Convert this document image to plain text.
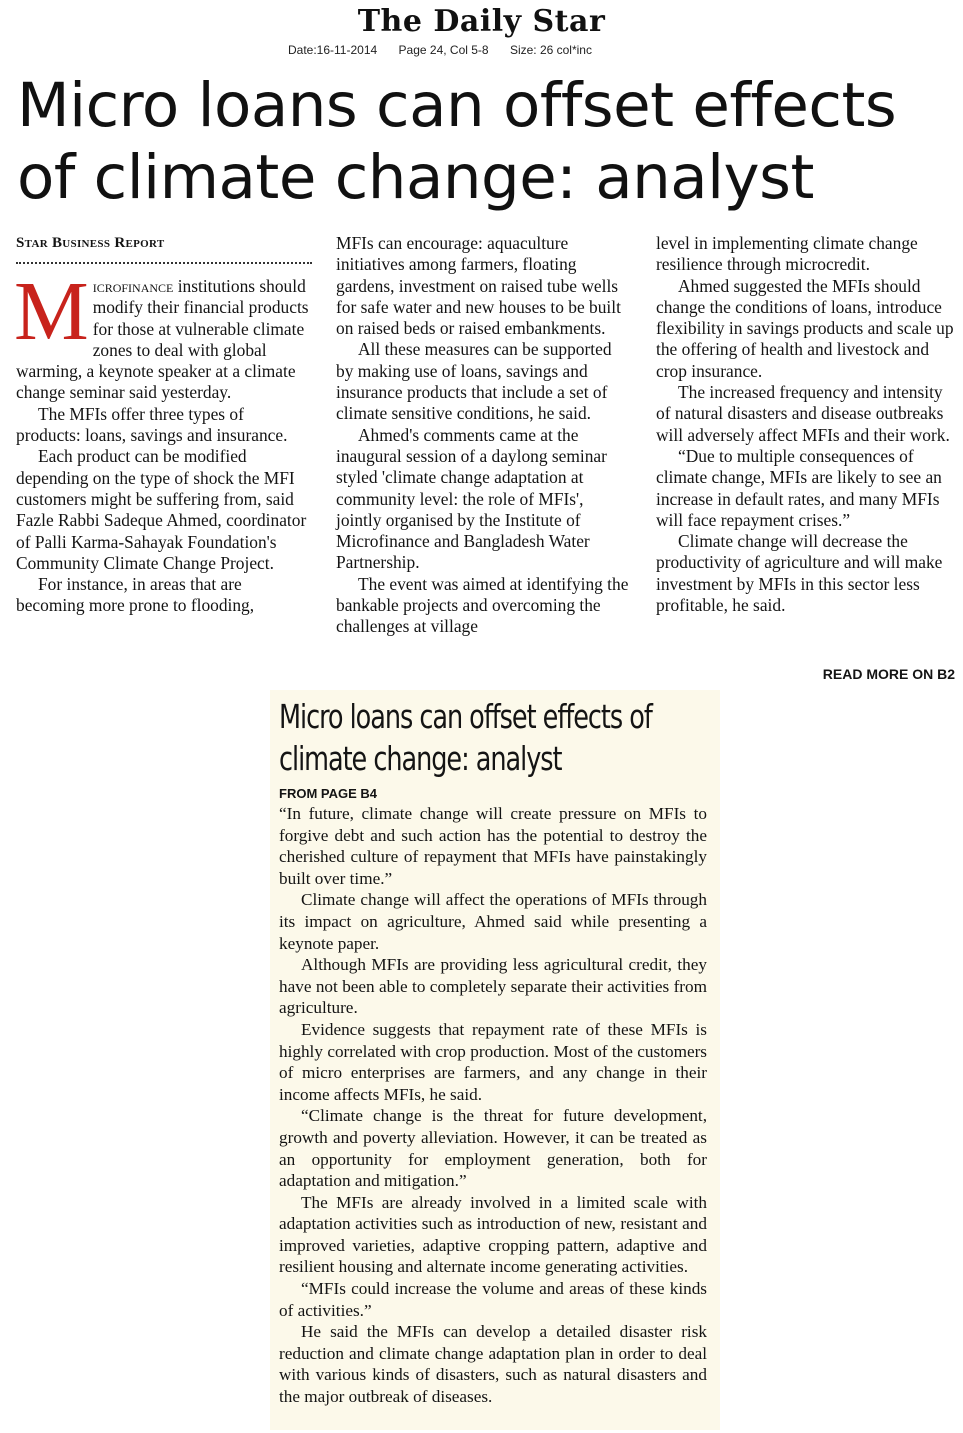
The Daily Star
Date:16-11-2014 Page 24, Col 5-8 Size: 26 col*inc
Micro loans can offset effects of climate change: analyst
Star Business Report

Microfinance institutions should modify their financial products for those at vulnerable climate zones to deal with global warming, a keynote speaker at a climate change seminar said yesterday.

The MFIs offer three types of products: loans, savings and insurance.

Each product can be modified depending on the type of shock the MFI customers might be suffering from, said Fazle Rabbi Sadeque Ahmed, coordinator of Palli Karma-Sahayak Foundation's Community Climate Change Project.

For instance, in areas that are becoming more prone to flooding,

MFIs can encourage: aquaculture initiatives among farmers, floating gardens, investment on raised tube wells for safe water and new houses to be built on raised beds or raised embankments.

All these measures can be supported by making use of loans, savings and insurance products that include a set of climate sensitive conditions, he said.

Ahmed's comments came at the inaugural session of a daylong seminar styled 'climate change adaptation at community level: the role of MFIs', jointly organised by the Institute of Microfinance and Bangladesh Water Partnership.

The event was aimed at identifying the bankable projects and overcoming the challenges at village

level in implementing climate change resilience through microcredit.

Ahmed suggested the MFIs should change the conditions of loans, introduce flexibility in savings products and scale up the offering of health and livestock and crop insurance.

The increased frequency and intensity of natural disasters and disease outbreaks will adversely affect MFIs and their work.

“Due to multiple consequences of climate change, MFIs are likely to see an increase in default rates, and many MFIs will face repayment crises.”

Climate change will decrease the productivity of agriculture and will make investment by MFIs in this sector less profitable, he said.

READ MORE ON B2
Micro loans can offset effects of
climate change: analyst
FROM PAGE B4

“In future, climate change will create pressure on MFIs to forgive debt and such action has the potential to destroy the cherished culture of repayment that MFIs have painstakingly built over time.”

Climate change will affect the operations of MFIs through its impact on agriculture, Ahmed said while presenting a keynote paper.

Although MFIs are providing less agricultural credit, they have not been able to completely separate their activities from agriculture.

Evidence suggests that repayment rate of these MFIs is highly correlated with crop production. Most of the customers of micro enterprises are farmers, and any change in their income affects MFIs, he said.

“Climate change is the threat for future development, growth and poverty alleviation. However, it can be treated as an opportunity for employment generation, both for adaptation and mitigation.”

The MFIs are already involved in a limited scale with adaptation activities such as introduction of new, resistant and improved varieties, adaptive cropping pattern, adaptive and resilient housing and alternate income generating activities.

“MFIs could increase the volume and areas of these kinds of activities.”

He said the MFIs can develop a detailed disaster risk reduction and climate change adaptation plan in order to deal with various kinds of disasters, such as natural disasters and the major outbreak of diseases.
